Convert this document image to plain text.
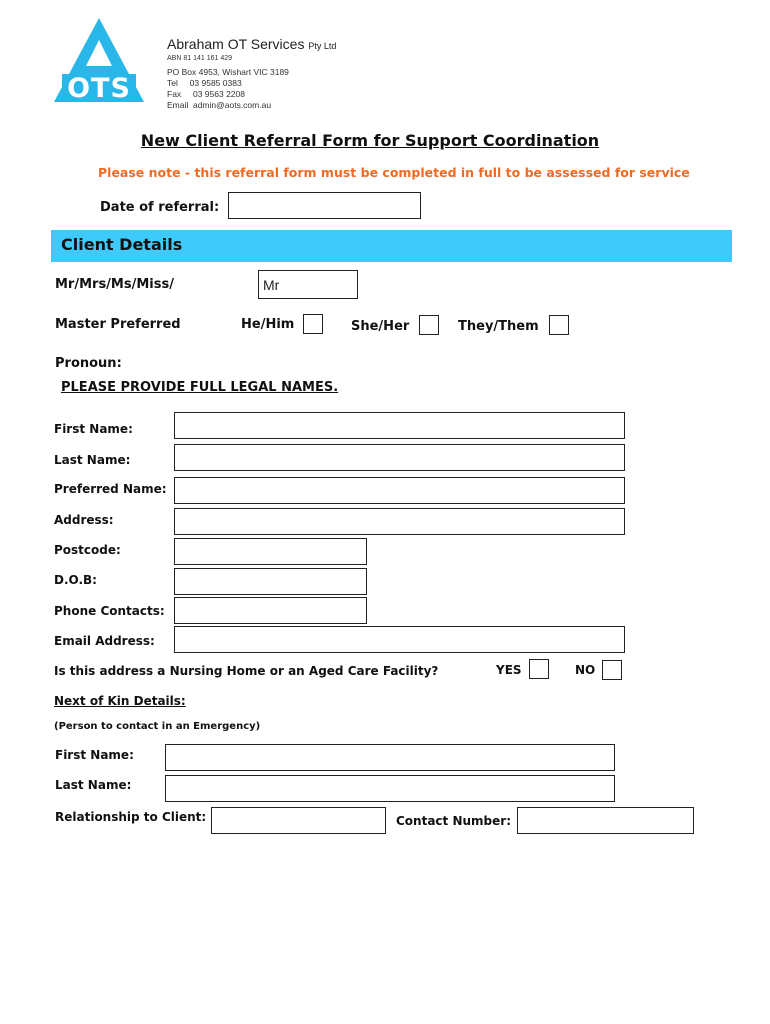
OTS
Abraham OT Services Pty Ltd
ABN 81 141 161 429
PO Box 4953, Wishart VIC 3189
Tel     03 9585 0383
Fax     03 9563 2208
Email  admin@aots.com.au
New Client Referral Form for Support Coordination
Please note - this referral form must be completed in full to be assessed for service
Date of referral:
Client Details
Mr/Mrs/Ms/Miss/
Mr
Master Preferred
Pronoun:
He/Him	She/Her	They/Them
PLEASE PROVIDE FULL LEGAL NAMES.
First Name:
Last Name:
Preferred Name:
Address:
Postcode:
D.O.B:
Phone Contacts:
Email Address:
Is this address a Nursing Home or an Aged Care Facility?	YES	NO
Next of Kin Details:
(Person to contact in an Emergency)
First Name:
Last Name:
Relationship to Client:	Contact Number:
